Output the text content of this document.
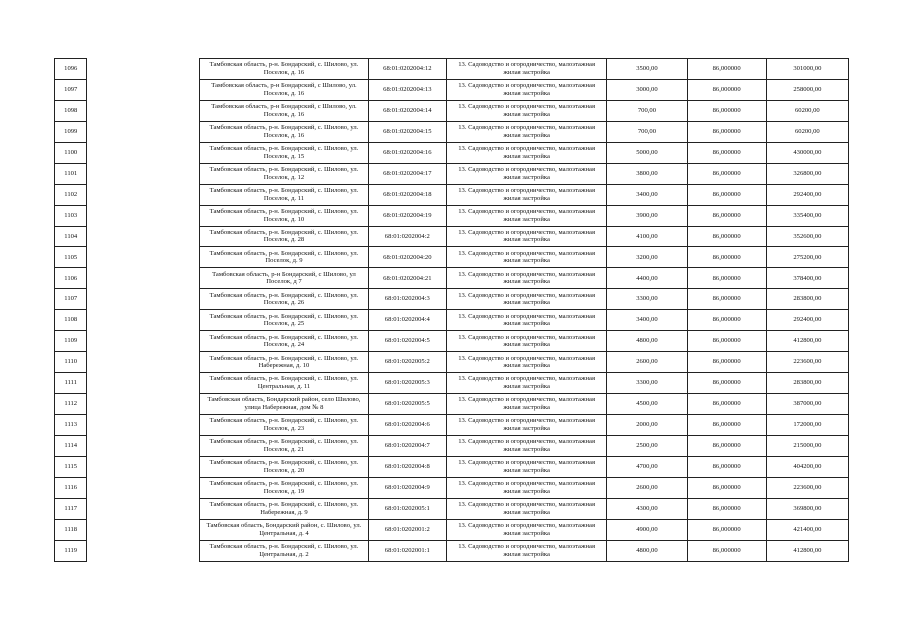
1096		Тамбовская область, р-н. Бондарский, с. Шилово, ул. Поселок, д. 16	68:01:0202004:12	13. Садоводство и огородничество, малоэтажная жилая застройка	3500,00	86,000000	301000,00
1097		Тамбовская область, р-н Бондарский, с Шилово, ул. Поселок, д. 16	68:01:0202004:13	13. Садоводство и огородничество, малоэтажная жилая застройка	3000,00	86,000000	258000,00
1098		Тамбовская область, р-н Бондарский, с Шилово, ул. Поселок, д. 16	68:01:0202004:14	13. Садоводство и огородничество, малоэтажная жилая застройка	700,00	86,000000	60200,00
1099		Тамбовская область, р-н. Бондарский, с. Шилово, ул. Поселок, д. 16	68:01:0202004:15	13. Садоводство и огородничество, малоэтажная жилая застройка	700,00	86,000000	60200,00
1100		Тамбовская область, р-н. Бондарский, с. Шилово, ул. Поселок, д. 15	68:01:0202004:16	13. Садоводство и огородничество, малоэтажная жилая застройка	5000,00	86,000000	430000,00
1101		Тамбовская область, р-н. Бондарский, с. Шилово, ул. Поселок, д. 12	68:01:0202004:17	13. Садоводство и огородничество, малоэтажная жилая застройка	3800,00	86,000000	326800,00
1102		Тамбовская область, р-н. Бондарский, с. Шилово, ул. Поселок, д. 11	68:01:0202004:18	13. Садоводство и огородничество, малоэтажная жилая застройка	3400,00	86,000000	292400,00
1103		Тамбовская область, р-н. Бондарский, с. Шилово, ул. Поселок, д. 10	68:01:0202004:19	13. Садоводство и огородничество, малоэтажная жилая застройка	3900,00	86,000000	335400,00
1104		Тамбовская область, р-н. Бондарский, с. Шилово, ул. Поселок, д. 28	68:01:0202004:2	13. Садоводство и огородничество, малоэтажная жилая застройка	4100,00	86,000000	352600,00
1105		Тамбовская область, р-н. Бондарский, с. Шилово, ул. Поселок, д. 9	68:01:0202004:20	13. Садоводство и огородничество, малоэтажная жилая застройка	3200,00	86,000000	275200,00
1106		Тамбовская область, р-н Бондарский, с Шилово, ул Поселок, д 7	68:01:0202004:21	13. Садоводство и огородничество, малоэтажная жилая застройка	4400,00	86,000000	378400,00
1107		Тамбовская область, р-н. Бондарский, с. Шилово, ул. Поселок, д. 26	68:01:0202004:3	13. Садоводство и огородничество, малоэтажная жилая застройка	3300,00	86,000000	283800,00
1108		Тамбовская область, р-н. Бондарский, с. Шилово, ул. Поселок, д. 25	68:01:0202004:4	13. Садоводство и огородничество, малоэтажная жилая застройка	3400,00	86,000000	292400,00
1109		Тамбовская область, р-н. Бондарский, с. Шилово, ул. Поселок, д. 24	68:01:0202004:5	13. Садоводство и огородничество, малоэтажная жилая застройка	4800,00	86,000000	412800,00
1110		Тамбовская область, р-н. Бондарский, с. Шилово, ул. Набережная, д. 10	68:01:0202005:2	13. Садоводство и огородничество, малоэтажная жилая застройка	2600,00	86,000000	223600,00
1111		Тамбовская область, р-н. Бондарский, с. Шилово, ул. Центральная, д. 11	68:01:0202005:3	13. Садоводство и огородничество, малоэтажная жилая застройка	3300,00	86,000000	283800,00
1112		Тамбовская область, Бондарский район, село Шилово, улица Набережная, дом № 8	68:01:0202005:5	13. Садоводство и огородничество, малоэтажная жилая застройка	4500,00	86,000000	387000,00
1113		Тамбовская область, р-н. Бондарский, с. Шилово, ул. Поселок, д. 23	68:01:0202004:6	13. Садоводство и огородничество, малоэтажная жилая застройка	2000,00	86,000000	172000,00
1114		Тамбовская область, р-н. Бондарский, с. Шилово, ул. Поселок, д. 21	68:01:0202004:7	13. Садоводство и огородничество, малоэтажная жилая застройка	2500,00	86,000000	215000,00
1115		Тамбовская область, р-н. Бондарский, с. Шилово, ул. Поселок, д. 20	68:01:0202004:8	13. Садоводство и огородничество, малоэтажная жилая застройка	4700,00	86,000000	404200,00
1116		Тамбовская область, р-н. Бондарский, с. Шилово, ул. Поселок, д. 19	68:01:0202004:9	13. Садоводство и огородничество, малоэтажная жилая застройка	2600,00	86,000000	223600,00
1117		Тамбовская область, р-н. Бондарский, с. Шилово, ул. Набережная, д. 9	68:01:0202005:1	13. Садоводство и огородничество, малоэтажная жилая застройка	4300,00	86,000000	369800,00
1118		Тамбовская область, Бондарский район, с. Шилово, ул. Центральная, д. 4	68:01:0202001:2	13. Садоводство и огородничество, малоэтажная жилая застройка	4900,00	86,000000	421400,00
1119		Тамбовская область, р-н. Бондарский, с. Шилово, ул. Центральная, д. 2	68:01:0202001:1	13. Садоводство и огородничество, малоэтажная жилая застройка	4800,00	86,000000	412800,00
